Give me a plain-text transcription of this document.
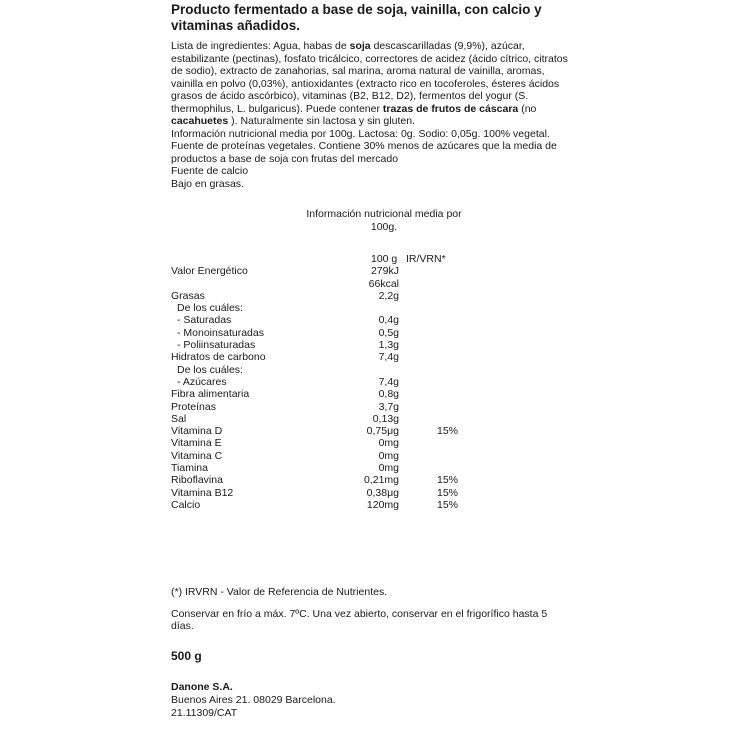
Producto fermentado a base de soja, vainilla, con calcio y vitaminas añadidos.

Lista de ingredientes: Agua, habas de soja descascarilladas (9,9%), azúcar, estabilizante (pectinas), fosfato tricálcico, correctores de acidez (ácido cítrico, citratos de sodio), extracto de zanahorias, sal marina, aroma natural de vainilla, aromas, vainilla en polvo (0,03%), antioxidantes (extracto rico en tocoferoles, ésteres ácidos grasos de ácido ascórbico), vitaminas (B2, B12, D2), fermentos del yogur (S. thermophilus, L. bulgaricus). Puede contener trazas de frutos de cáscara (no cacahuetes ). Naturalmente sin lactosa y sin gluten.

Información nutricional media por 100g. Lactosa: 0g. Sodio: 0,05g. 100% vegetal.

Fuente de proteínas vegetales. Contiene 30% menos de azúcares que la media de productos a base de soja con frutas del mercado

Fuente de calcio

Bajo en grasas.

Información nutricional media por 100g.
100 g IR/VRN*
Valor Energético	279kJ
66kcal
Grasas	2,2g
De los cuáles:
- Saturadas	0,4g
- Monoinsaturadas	0,5g
- Poliinsaturadas	1,3g
Hidratos de carbono	7,4g
De los cuáles:
- Azúcares	7,4g
Fibra alimentaria	0,8g
Proteínas	3,7g
Sal	0,13g
Vitamina D	0,75μg	15%
Vitamina E	0mg
Vitamina C	0mg
Tiamina	0mg
Riboflavina	0,21mg	15%
Vitamina B12	0,38μg	15%
Calcio	120mg	15%
(*) IRVRN - Valor de Referencia de Nutrientes.
Conservar en frío a máx. 7ºC. Una vez abierto, conservar en el frigorífico hasta 5 días.
500 g
Danone S.A.
Buenos Aires 21. 08029 Barcelona.
21.11309/CAT
